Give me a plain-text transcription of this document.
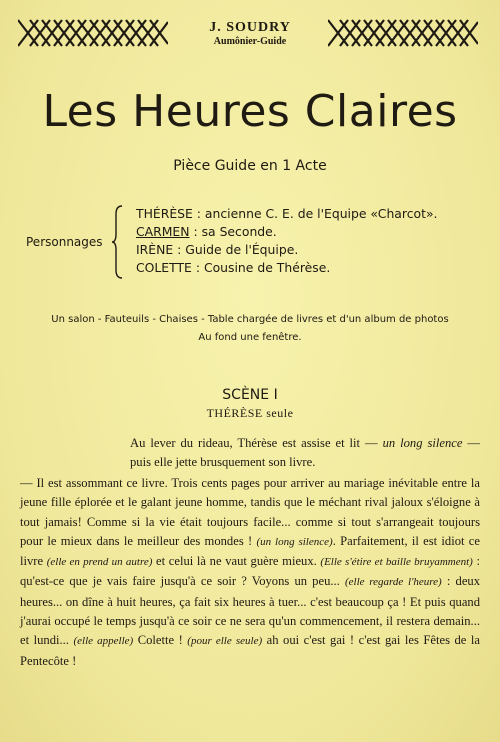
J. SOUDRY
Aumônier-Guide
Les Heures Claires
Pièce Guide en 1 Acte
Personnages
THÉRÈSE : ancienne C. E. de l'Equipe «Charcot».
CARMEN : sa Seconde.
IRÈNE : Guide de l'Équipe.
COLETTE : Cousine de Thérèse.
Un salon - Fauteuils - Chaises - Table chargée de livres et d'un album de photos
Au fond une fenêtre.
SCÈNE I
THÉRÈSE seule

Au lever du rideau, Thérèse est assise et lit — un long silence — puis elle jette brusquement son livre.

— Il est assommant ce livre. Trois cents pages pour arriver au mariage inévitable entre la jeune fille éplorée et le galant jeune homme, tandis que le méchant rival jaloux s'éloigne à tout jamais! Comme si la vie était toujours facile... comme si tout s'arrangeait toujours pour le mieux dans le meilleur des mondes ! (un long silence). Parfaitement, il est idiot ce livre (elle en prend un autre) et celui là ne vaut guère mieux. (Elle s'étire et baille bruyamment) : qu'est-ce que je vais faire jusqu'à ce soir ? Voyons un peu... (elle regarde l'heure) : deux heures... on dîne à huit heures, ça fait six heures à tuer... c'est beaucoup ça ! Et puis quand j'aurai occupé le temps jusqu'à ce soir ce ne sera qu'un commencement, il restera demain... et lundi... (elle appelle) Colette ! (pour elle seule) ah oui c'est gai ! c'est gai les Fêtes de la Pentecôte !
